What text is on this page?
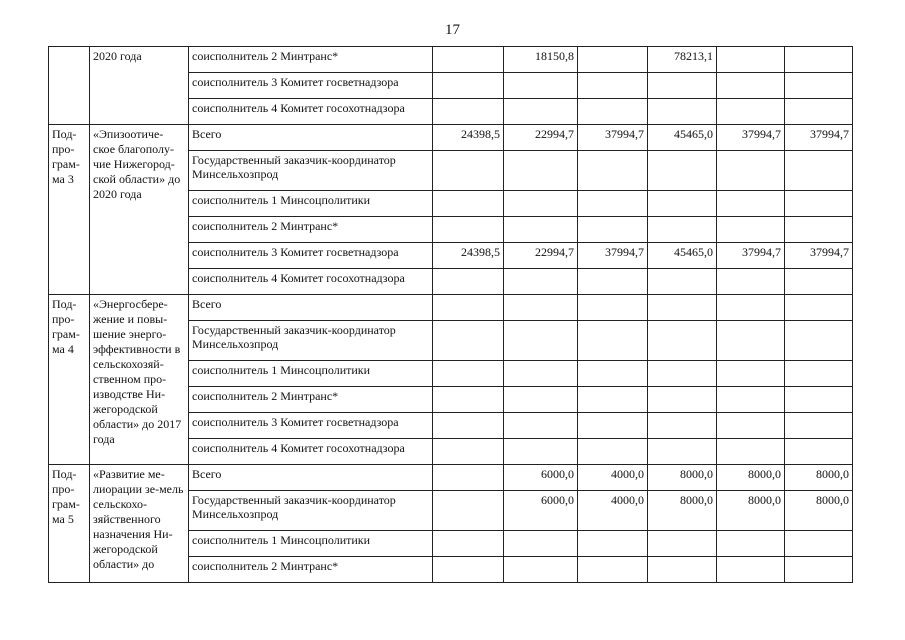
17
	2020 года	соисполнитель 2 Минтранс*		18150,8		78213,1		
		соисполнитель 3 Комитет госветнадзора						
		соисполнитель 4 Комитет госохотнадзора						
Под-про-грам-ма 3	«Эпизоотиче-ское благополу-чие Нижегород-ской области» до 2020 года	Всего	24398,5	22994,7	37994,7	45465,0	37994,7	37994,7
		Государственный заказчик-координатор Минсельхозпрод						
		соисполнитель 1 Минсоцполитики						
		соисполнитель 2 Минтранс*						
		соисполнитель 3 Комитет госветнадзора	24398,5	22994,7	37994,7	45465,0	37994,7	37994,7
		соисполнитель 4 Комитет госохотнадзора						
Под-про-грам-ма 4	«Энергосбере-жение и повы-шение энерго-эффективности в сельскохозяй-ственном про-изводстве Ни-жегородской области» до 2017 года	Всего						
		Государственный заказчик-координатор Минсельхозпрод						
		соисполнитель 1 Минсоцполитики						
		соисполнитель 2 Минтранс*						
		соисполнитель 3 Комитет госветнадзора						
		соисполнитель 4 Комитет госохотнадзора						
Под-про-грам-ма 5	«Развитие ме-лиорации зе-мель сельскохо-зяйственного назначения Ни-жегородской области» до	Всего		6000,0	4000,0	8000,0	8000,0	8000,0
		Государственный заказчик-координатор Минсельхозпрод		6000,0	4000,0	8000,0	8000,0	8000,0
		соисполнитель 1 Минсоцполитики						
		соисполнитель 2 Минтранс*						
